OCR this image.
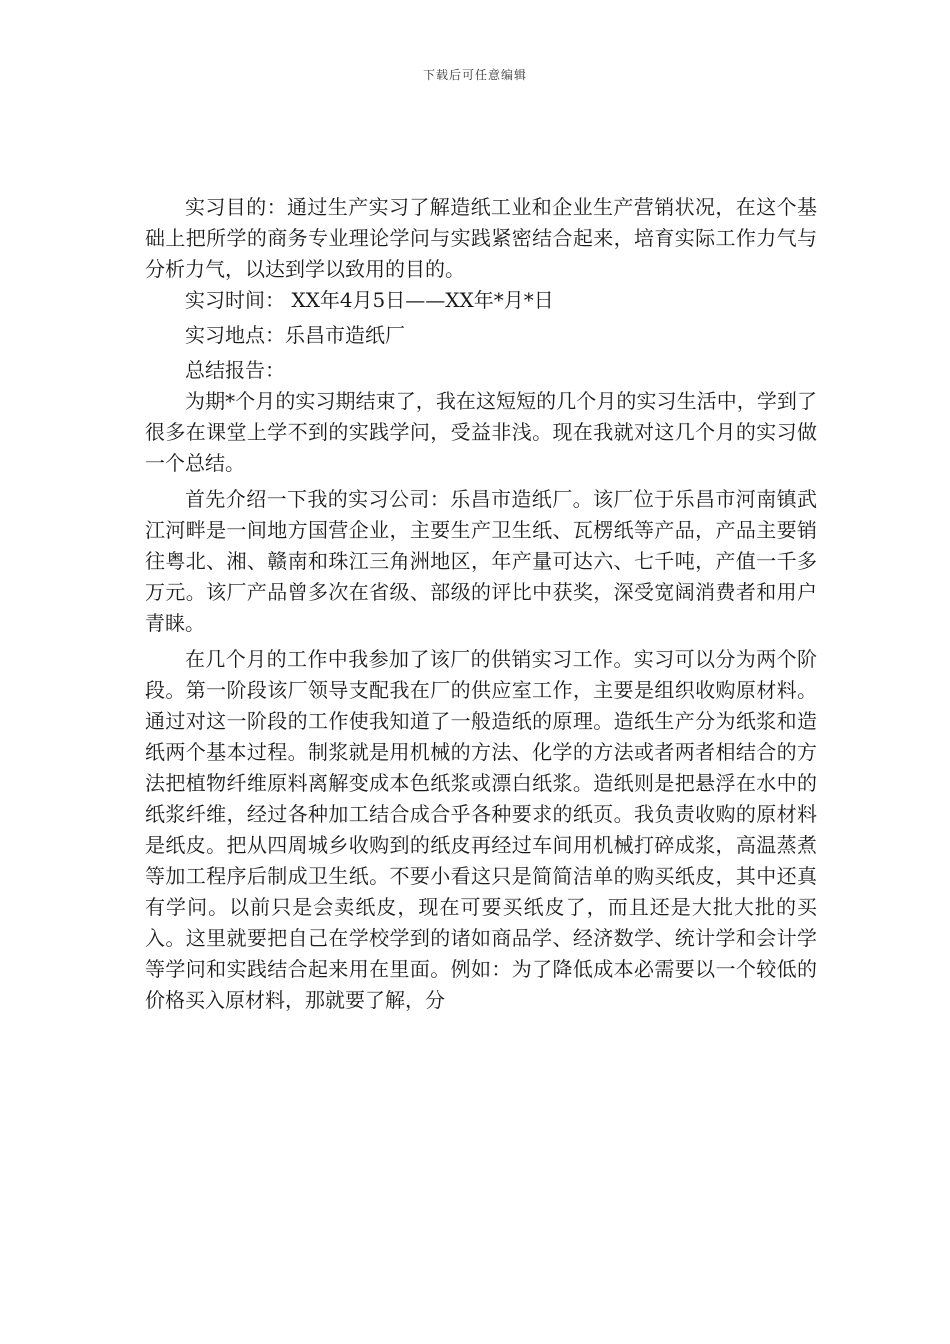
下载后可任意编辑

实习目的：通过生产实习了解造纸工业和企业生产营销状况，在这个基础上把所学的商务专业理论学问与实践紧密结合起来，培育实际工作力气与分析力气，以达到学以致用的目的。

实习时间： XX年4月5日——XX年*月*日

实习地点：乐昌市造纸厂

总结报告：

为期*个月的实习期结束了，我在这短短的几个月的实习生活中，学到了很多在课堂上学不到的实践学问，受益非浅。现在我就对这几个月的实习做一个总结。

首先介绍一下我的实习公司：乐昌市造纸厂。该厂位于乐昌市河南镇武江河畔是一间地方国营企业，主要生产卫生纸、瓦楞纸等产品，产品主要销往粤北、湘、赣南和珠江三角洲地区，年产量可达六、七千吨，产值一千多万元。该厂产品曾多次在省级、部级的评比中获奖，深受宽阔消费者和用户青睐。

在几个月的工作中我参加了该厂的供销实习工作。实习可以分为两个阶段。第一阶段该厂领导支配我在厂的供应室工作，主要是组织收购原材料。通过对这一阶段的工作使我知道了一般造纸的原理。造纸生产分为纸浆和造纸两个基本过程。制浆就是用机械的方法、化学的方法或者两者相结合的方法把植物纤维原料离解变成本色纸浆或漂白纸浆。造纸则是把悬浮在水中的纸浆纤维，经过各种加工结合成合乎各种要求的纸页。我负责收购的原材料是纸皮。把从四周城乡收购到的纸皮再经过车间用机械打碎成浆，高温蒸煮等加工程序后制成卫生纸。不要小看这只是简简洁单的购买纸皮，其中还真有学问。以前只是会卖纸皮，现在可要买纸皮了，而且还是大批大批的买入。这里就要把自己在学校学到的诸如商品学、经济数学、统计学和会计学等学问和实践结合起来用在里面。例如：为了降低成本必需要以一个较低的价格买入原材料，那就要了解，分
